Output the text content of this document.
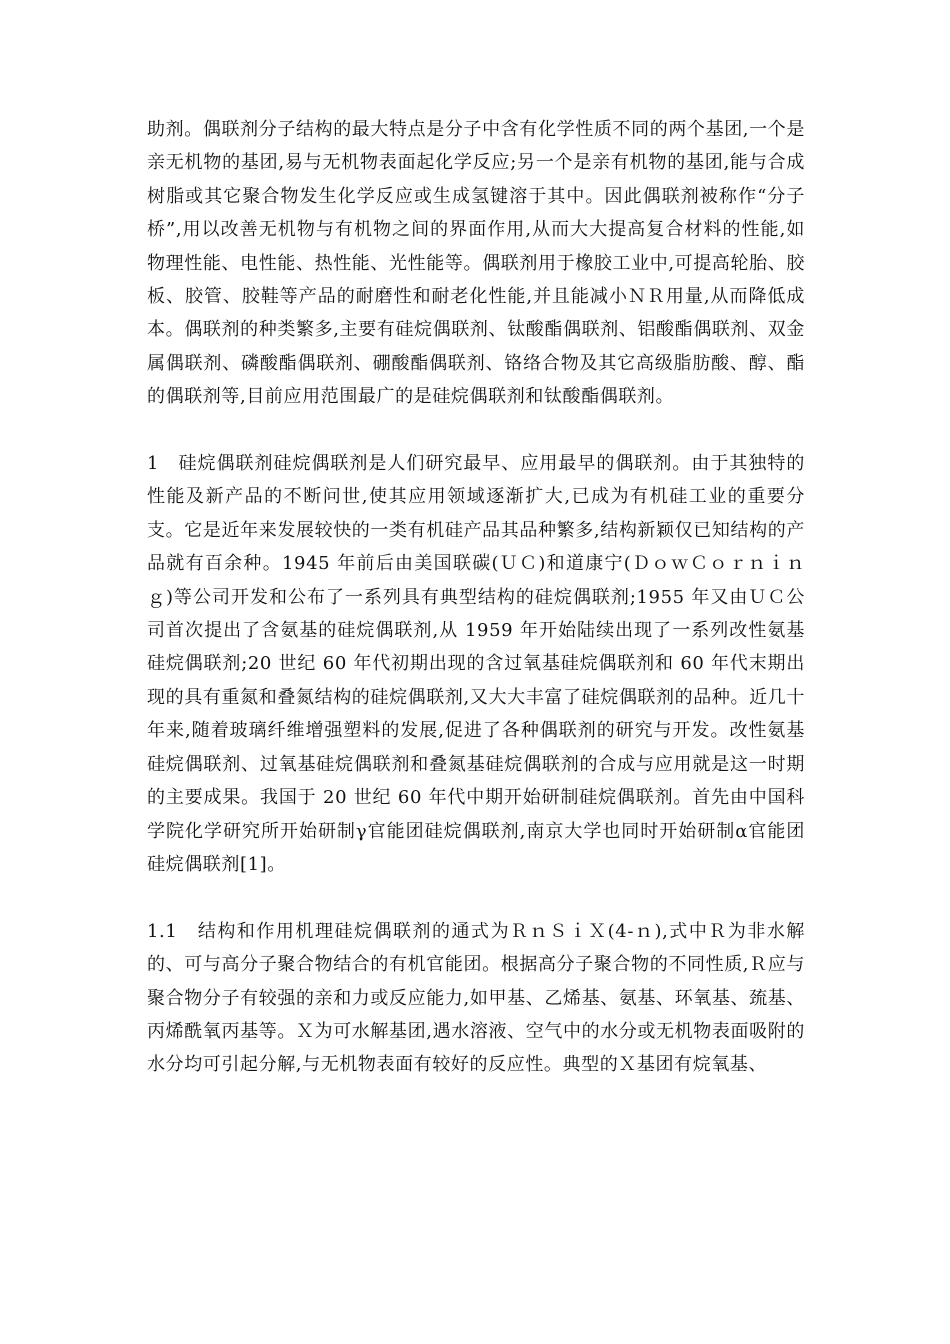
助剂。偶联剂分子结构的最大特点是分子中含有化学性质不同的两个基团,一个是亲无机物的基团,易与无机物表面起化学反应;另一个是亲有机物的基团,能与合成树脂或其它聚合物发生化学反应或生成氢键溶于其中。因此偶联剂被称作“分子桥”,用以改善无机物与有机物之间的界面作用,从而大大提高复合材料的性能,如物理性能、电性能、热性能、光性能等。偶联剂用于橡胶工业中,可提高轮胎、胶板、胶管、胶鞋等产品的耐磨性和耐老化性能,并且能减小ＮＲ用量,从而降低成本。偶联剂的种类繁多,主要有硅烷偶联剂、钛酸酯偶联剂、铝酸酯偶联剂、双金属偶联剂、磷酸酯偶联剂、硼酸酯偶联剂、铬络合物及其它高级脂肪酸、醇、酯的偶联剂等,目前应用范围最广的是硅烷偶联剂和钛酸酯偶联剂。

1　硅烷偶联剂硅烷偶联剂是人们研究最早、应用最早的偶联剂。由于其独特的性能及新产品的不断问世,使其应用领域逐渐扩大,已成为有机硅工业的重要分支。它是近年来发展较快的一类有机硅产品其品种繁多,结构新颖仅已知结构的产品就有百余种。1945 年前后由美国联碳(ＵＣ)和道康宁(ＤｏｗＣｏｒｎｉｎｇ)等公司开发和公布了一系列具有典型结构的硅烷偶联剂;1955 年又由ＵＣ公司首次提出了含氨基的硅烷偶联剂,从 1959 年开始陆续出现了一系列改性氨基硅烷偶联剂;20 世纪 60 年代初期出现的含过氧基硅烷偶联剂和 60 年代末期出现的具有重氮和叠氮结构的硅烷偶联剂,又大大丰富了硅烷偶联剂的品种。近几十年来,随着玻璃纤维增强塑料的发展,促进了各种偶联剂的研究与开发。改性氨基硅烷偶联剂、过氧基硅烷偶联剂和叠氮基硅烷偶联剂的合成与应用就是这一时期的主要成果。我国于 20 世纪 60 年代中期开始研制硅烷偶联剂。首先由中国科学院化学研究所开始研制γ官能团硅烷偶联剂,南京大学也同时开始研制α官能团硅烷偶联剂[1]。

1.1　结构和作用机理硅烷偶联剂的通式为ＲｎＳｉＸ(4-ｎ),式中Ｒ为非水解的、可与高分子聚合物结合的有机官能团。根据高分子聚合物的不同性质,Ｒ应与聚合物分子有较强的亲和力或反应能力,如甲基、乙烯基、氨基、环氧基、巯基、丙烯酰氧丙基等。Ｘ为可水解基团,遇水溶液、空气中的水分或无机物表面吸附的水分均可引起分解,与无机物表面有较好的反应性。典型的Ｘ基团有烷氧基、
